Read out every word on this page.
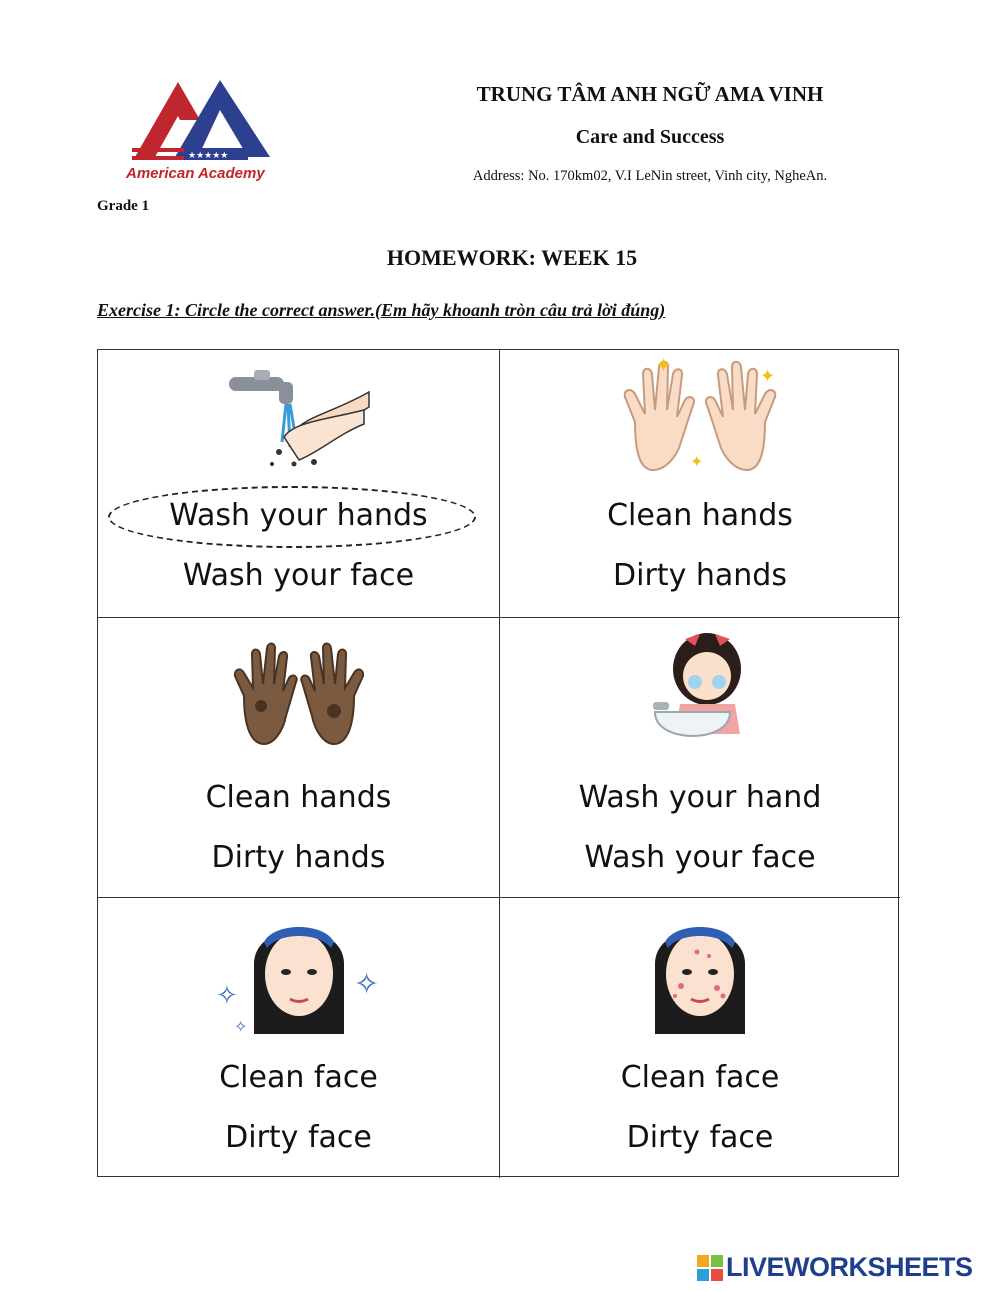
★★★★★
American Academy
Grade 1
TRUNG TÂM ANH NGỮ AMA VINH
Care and Success
Address: No. 170km02, V.I LeNin street, Vinh city, NgheAn.
HOMEWORK: WEEK 15
Exercise 1: Circle the correct answer.(Em hãy khoanh tròn câu trả lời đúng)
Wash your hands
Wash your face
✦	✦
✦
Clean hands
Dirty hands
Clean hands
Dirty hands
Wash your hand
Wash your face
✧	✧
✧
Clean face
Dirty face
Clean face
Dirty face
LIVEWORKSHEETS
